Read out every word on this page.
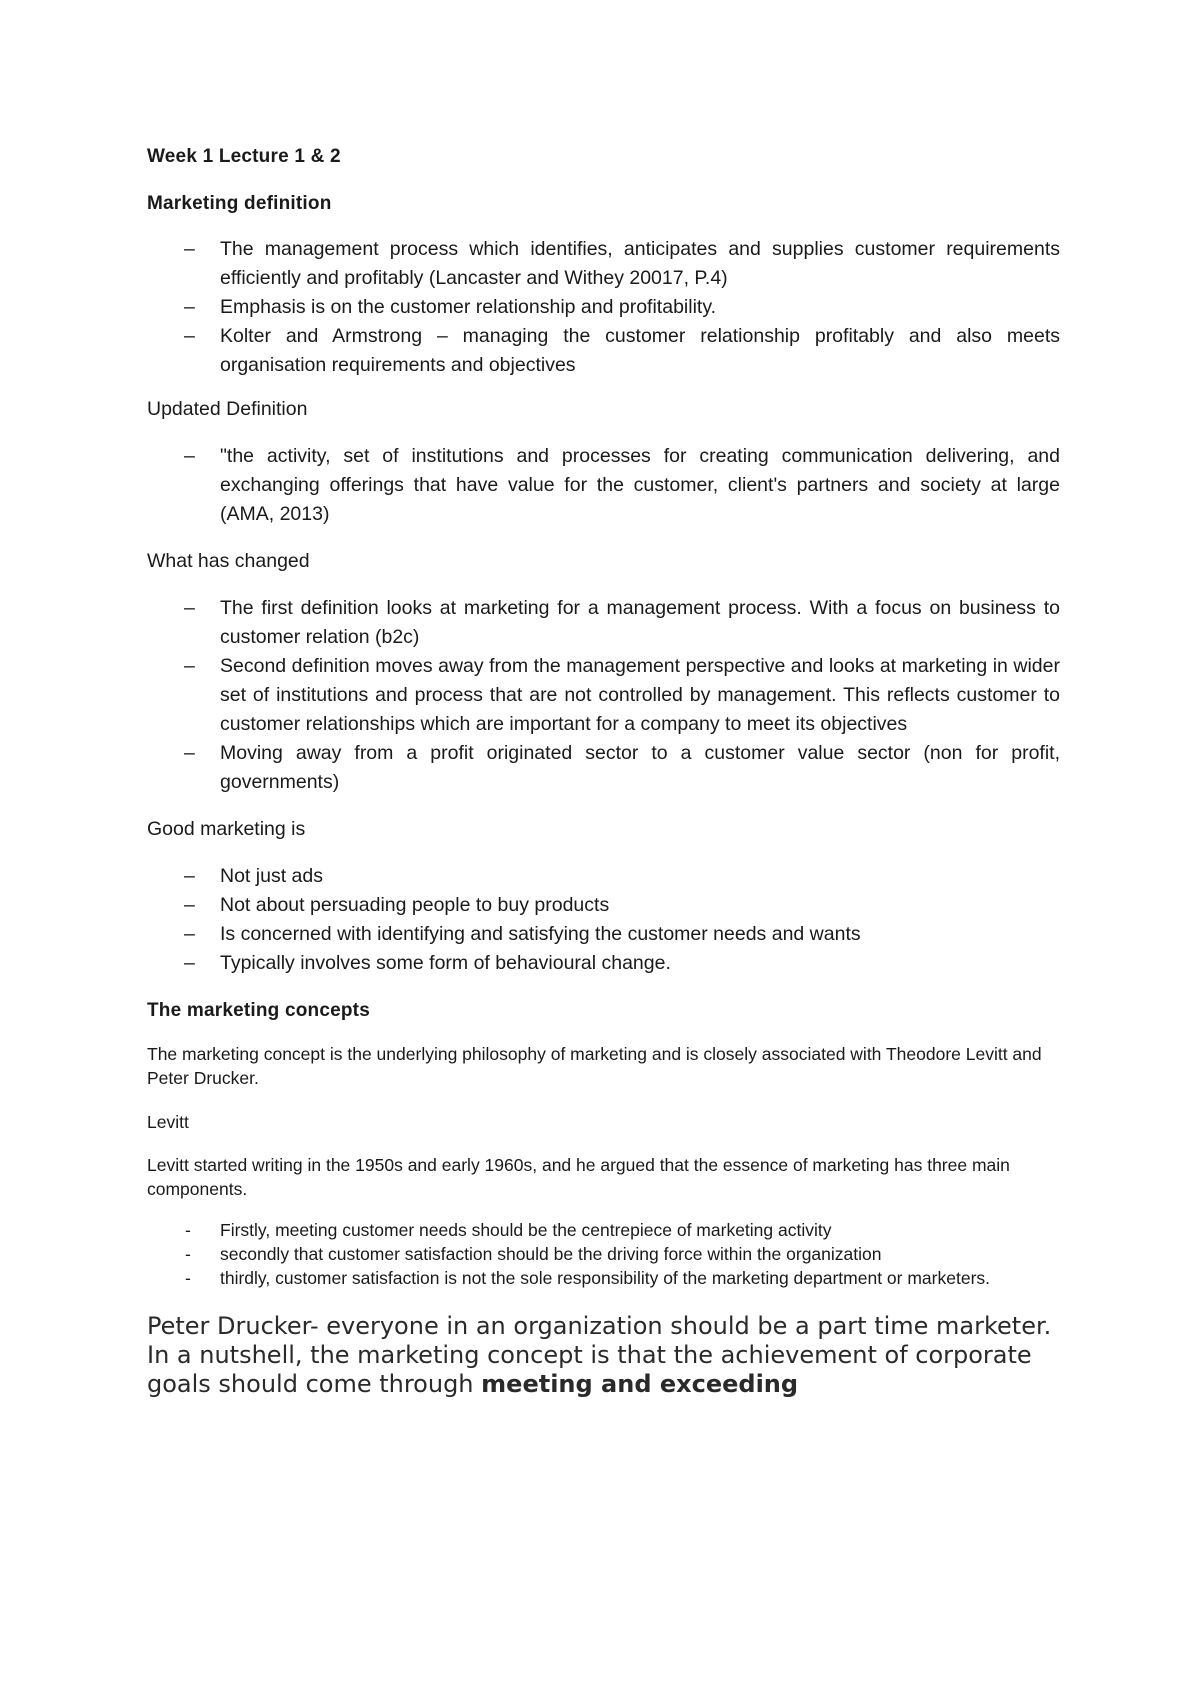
Week 1 Lecture 1 & 2

Marketing definition

– The management process which identifies, anticipates and supplies customer requirements efficiently and profitably (Lancaster and Withey 20017, P.4)
– Emphasis is on the customer relationship and profitability.
– Kolter and Armstrong – managing the customer relationship profitably and also meets organisation requirements and objectives

Updated Definition

– "the activity, set of institutions and processes for creating communication delivering, and exchanging offerings that have value for the customer, client's partners and society at large (AMA, 2013)

What has changed

– The first definition looks at marketing for a management process. With a focus on business to customer relation (b2c)
– Second definition moves away from the management perspective and looks at marketing in wider set of institutions and process that are not controlled by management. This reflects customer to customer relationships which are important for a company to meet its objectives
– Moving away from a profit originated sector to a customer value sector (non for profit, governments)

Good marketing is

– Not just ads
– Not about persuading people to buy products
– Is concerned with identifying and satisfying the customer needs and wants
– Typically involves some form of behavioural change.

The marketing concepts

The marketing concept is the underlying philosophy of marketing and is closely associated with Theodore Levitt and Peter Drucker.

Levitt

Levitt started writing in the 1950s and early 1960s, and he argued that the essence of marketing has three main components.

- Firstly, meeting customer needs should be the centrepiece of marketing activity
- secondly that customer satisfaction should be the driving force within the organization
- thirdly, customer satisfaction is not the sole responsibility of the marketing department or marketers.

Peter Drucker- everyone in an organization should be a part time marketer. In a nutshell, the marketing concept is that the achievement of corporate goals should come through meeting and exceeding
